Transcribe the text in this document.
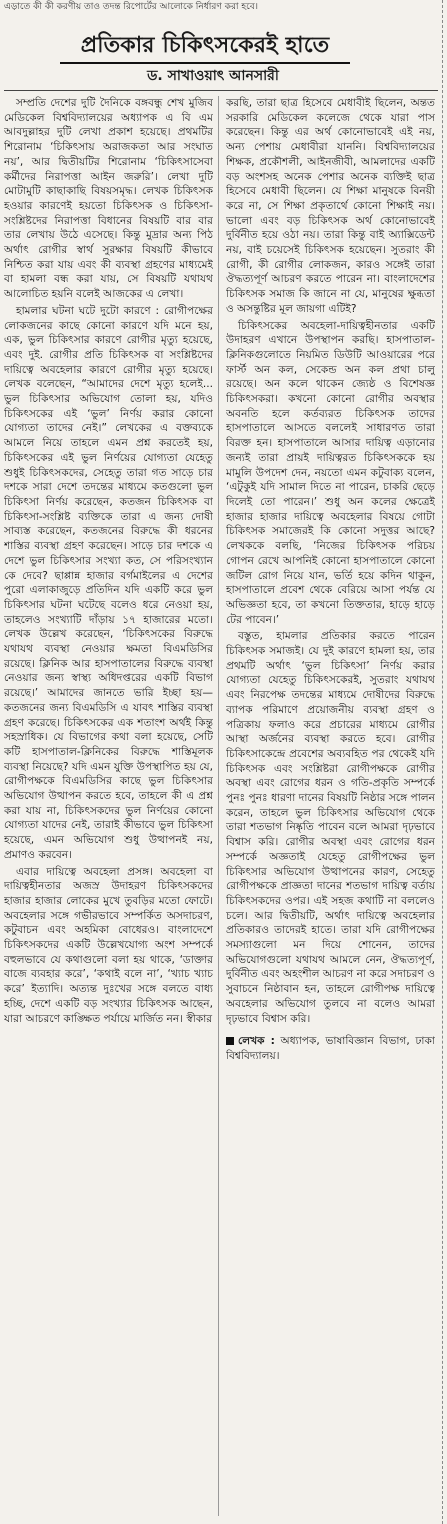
এড়াতে কী কী করণীয় তাও তদন্ত রিপোর্টের আলোকে নির্ধারণ করা হবে।
প্রতিকার চিকিৎসকেরই হাতে
ড. সাখাওয়াৎ আনসারী

সম্প্রতি দেশের দুটি দৈনিকে বঙ্গবন্ধু শেখ মুজিব মেডিকেল বিশ্ববিদ্যালয়ের অধ্যাপক এ বি এম আবদুল্লাহর দুটি লেখা প্রকাশ হয়েছে। প্রথমটির শিরোনাম ‘চিকিৎসায় অরাজকতা আর সংঘাত নয়’, আর দ্বিতীয়টির শিরোনাম ‘চিকিৎসাসেবা কর্মীদের নিরাপত্তা আইন জরুরি’। লেখা দুটি মোটামুটি কাছাকাছি বিষয়সমৃদ্ধ। লেখক চিকিৎসক হওয়ার কারণেই হয়তো চিকিৎসক ও চিকিৎসা-সংশ্লিষ্টদের নিরাপত্তা বিধানের বিষয়টি বার বার তার লেখায় উঠে এসেছে। কিন্তু মুদ্রার অন্য পিঠ অর্থাৎ রোগীর স্বার্থ সুরক্ষার বিষয়টি কীভাবে নিশ্চিত করা যায় এবং কী ব্যবস্থা গ্রহণের মাধ্যমেই বা হামলা বন্ধ করা যায়, সে বিষয়টি যথাযথ আলোচিত হয়নি বলেই আজকের এ লেখা।

হামলার ঘটনা ঘটে দুটো কারণে : রোগীপক্ষের লোকজনের কাছে কোনো কারণে যদি মনে হয়, এক, ভুল চিকিৎসার কারণে রোগীর মৃত্যু হয়েছে, এবং দুই. রোগীর প্রতি চিকিৎসক বা সংশ্লিষ্টদের দায়িত্বে অবহেলার কারণে রোগীর মৃত্যু হয়েছে। লেখক বলেছেন, “আমাদের দেশে মৃত্যু হলেই... ভুল চিকিৎসার অভিযোগ তোলা হয়, যদিও চিকিৎসকের এই ‘ভুল’ নির্ণয় করার কোনো যোগ্যতা তাদের নেই।” লেখকের এ বক্তব্যকে আমলে নিয়ে তাহলে এমন প্রশ্ন করতেই হয়, চিকিৎসকের এই ভুল নির্ণয়ের যোগ্যতা যেহেতু শুধুই চিকিৎসকদের, সেহেতু তারা গত সাড়ে চার দশকে সারা দেশে তদন্তের মাধ্যমে কতগুলো ভুল চিকিৎসা নির্ণয় করেছেন, কতজন চিকিৎসক বা চিকিৎসা-সংশ্লিষ্ট ব্যক্তিকে তারা এ জন্য দোষী সাব্যস্ত করেছেন, কতজনের বিরুদ্ধে কী ধরনের শাস্তির ব্যবস্থা গ্রহণ করেছেন। সাড়ে চার দশকে এ দেশে ভুল চিকিৎসার সংখ্যা কত, সে পরিসংখ্যান কে দেবে? ছাপ্পান্ন হাজার বর্গমাইলের এ দেশের পুরো এলাকাজুড়ে প্রতিদিন যদি একটি করে ভুল চিকিৎসার ঘটনা ঘটেছে বলেও ধরে নেওয়া হয়, তাহলেও সংখ্যাটি দাঁড়ায় ১৭ হাজারের মতো। লেখক উল্লেখ করেছেন, ‘চিকিৎসকের বিরুদ্ধে যথাযথ ব্যবস্থা নেওয়ার ক্ষমতা বিএমডিসির রয়েছে। ক্লিনিক আর হাসপাতালের বিরুদ্ধে ব্যবস্থা নেওয়ার জন্য স্বাস্থ্য অধিদপ্তরের একটি বিভাগ রয়েছে।’ আমাদের জানতে ভারি ইচ্ছা হয়—কতজনের জন্য বিএমডিসি এ যাবৎ শাস্তির ব্যবস্থা গ্রহণ করেছে। চিকিৎসকের এক শতাংশ অর্থই কিন্তু সহস্রাধিক। যে বিভাগের কথা বলা হয়েছে, সেটি কটি হাসপাতাল-ক্লিনিকের বিরুদ্ধে শাস্তিমূলক ব্যবস্থা নিয়েছে? যদি এমন যুক্তি উপস্থাপিত হয় যে, রোগীপক্ষকে বিএমডিসির কাছে ভুল চিকিৎসার অভিযোগ উত্থাপন করতে হবে, তাহলে কী এ প্রশ্ন করা যায় না, চিকিৎসকদের ভুল নির্ণয়ের কোনো যোগ্যতা যাদের নেই, তারাই কীভাবে ভুল চিকিৎসা হয়েছে, এমন অভিযোগ শুধু উত্থাপনই নয়, প্রমাণও করবেন।

এবার দায়িত্বে অবহেলা প্রসঙ্গ। অবহেলা বা দায়িত্বহীনতার অজস্র উদাহরণ চিকিৎসকদের হাজার হাজার লোকের মুখে তুবড়ির মতো ফোটে। অবহেলার সঙ্গে গভীরভাবে সম্পর্কিত অসদাচরণ, কটুবাচন এবং অহমিকা বোধেরও। বাংলাদেশে চিকিৎসকদের একটি উল্লেখযোগ্য অংশ সম্পর্কে বহুলভাবে যে কথাগুলো বলা হয় থাকে, ‘ডাক্তার বাজে ব্যবহার করে’, ‘কথাই বলে না’, ‘খ্যাচ খ্যাচ করে’ ইত্যাদি। অত্যন্ত দুঃখের সঙ্গে বলতে বাধ্য হচ্ছি, দেশে একটি বড় সংখ্যার চিকিৎসক আছেন, যারা আচরণে কাঙ্ক্ষিত পর্যায়ে মার্জিত নন। স্বীকার

করছি, তারা ছাত্র হিসেবে মেধাবীই ছিলেন, অন্তত সরকারি মেডিকেল কলেজে থেকে যারা পাস করেছেন। কিন্তু এর অর্থ কোনোভাবেই এই নয়, অন্য পেশায় মেধাবীরা যাননি। বিশ্ববিদ্যালয়ের শিক্ষক, প্রকৌশলী, আইনজীবী, আমলাদের একটি বড় অংশসহ অনেক পেশার অনেক ব্যক্তিই ছাত্র হিসেবে মেধাবী ছিলেন। যে শিক্ষা মানুষকে বিনয়ী করে না, সে শিক্ষা প্রকৃতার্থে কোনো শিক্ষাই নয়। ভালো এবং বড় চিকিৎসক অর্থ কোনোভাবেই দুর্বিনীত হয়ে ওঠা নয়। তারা কিন্তু বাই অ্যাক্সিডেন্ট নয়, বাই চয়েসেই চিকিৎসক হয়েছেন। সুতরাং কী রোগী, কী রোগীর লোকজন, কারও সঙ্গেই তারা ঔদ্ধত্যপূর্ণ আচরণ করতে পারেন না। বাংলাদেশের চিকিৎসক সমাজ কি জানে না যে, মানুষের ক্ষুব্ধতা ও অসন্তুষ্টির মূল জায়গা এটিই?

চিকিৎসকের অবহেলা-দায়িত্বহীনতার একটি উদাহরণ এখানে উপস্থাপন করছি। হাসপাতাল-ক্লিনিকগুলোতে নিয়মিত ডিউটি আওয়ারের পরে ফার্স্ট অন কল, সেকেন্ড অন কল প্রথা চালু রয়েছে। অন কলে থাকেন জ্যেষ্ঠ ও বিশেষজ্ঞ চিকিৎসকরা। কখনো কোনো রোগীর অবস্থার অবনতি হলে কর্তব্যরত চিকিৎসক তাদের হাসপাতালে আসতে বললেই সাধারণত তারা বিরক্ত হন। হাসপাতালে আসার দায়িত্ব এড়ানোর জন্যই তারা প্রায়ই দায়িত্বরত চিকিৎসককে হয় মামুলি উপদেশ দেন, নয়তো এমন কটুবাক্য বলেন, ‘এটুকুই যদি সামাল দিতে না পারেন, চাকরি ছেড়ে দিলেই তো পারেন।’ শুধু অন কলের ক্ষেত্রেই হাজার হাজার দায়িত্বে অবহেলার বিষয়ে গোটা চিকিৎসক সমাজেরই কি কোনো সদুত্তর আছে? লেখককে বলছি, ‘নিজের চিকিৎসক পরিচয় গোপন রেখে আপনিই কোনো হাসপাতালে কোনো জটিল রোগ নিয়ে যান, ভর্তি হয়ে কদিন থাকুন, হাসপাতালে প্রবেশ থেকে বেরিয়ে আসা পর্যন্ত যে অভিজ্ঞতা হবে, তা কখনো তিক্ততার, হাড়ে হাড়ে টের পাবেন।’

বস্তুত, হামলার প্রতিকার করতে পারেন চিকিৎসক সমাজই। যে দুই কারণে হামলা হয়, তার প্রথমটি অর্থাৎ ‘ভুল চিকিৎসা’ নির্ণয় করার যোগ্যতা যেহেতু চিকিৎসকেরই, সুতরাং যথাযথ এবং নিরপেক্ষ তদন্তের মাধ্যমে দোষীদের বিরুদ্ধে ব্যাপক পরিমাণে প্রয়োজনীয় ব্যবস্থা গ্রহণ ও পত্রিকায় ফলাও করে প্রচারের মাধ্যমে রোগীর আস্থা অর্জনের ব্যবস্থা করতে হবে। রোগীর চিকিৎসাকেন্দ্রে প্রবেশের অব্যবহিত পর থেকেই যদি চিকিৎসক এবং সংশ্লিষ্টরা রোগীপক্ষকে রোগীর অবস্থা এবং রোগের ধরন ও গতি-প্রকৃতি সম্পর্কে পুনঃ পুনঃ ধারণা দানের বিষয়টি নিষ্ঠার সঙ্গে পালন করেন, তাহলে ভুল চিকিৎসার অভিযোগ থেকে তারা শতভাগ নিষ্কৃতি পাবেন বলে আমরা দৃঢ়ভাবে বিশ্বাস করি। রোগীর অবস্থা এবং রোগের ধরন সম্পর্কে অজ্ঞতাই যেহেতু রোগীপক্ষের ভুল চিকিৎসার অভিযোগ উত্থাপনের কারণ, সেহেতু রোগীপক্ষকে প্রাজ্ঞতা দানের শতভাগ দায়িত্ব বর্তায় চিকিৎসকদের ওপর। এই সহজ কথাটি না বললেও চলে। আর দ্বিতীয়টি, অর্থাৎ দায়িত্বে অবহেলার প্রতিকারও তাদেরই হাতে। তারা যদি রোগীপক্ষের সমস্যাগুলো মন দিয়ে শোনেন, তাদের অভিযোগগুলো যথাযথ আমলে নেন, ঔদ্ধত্যপূর্ণ, দুর্বিনীত এবং অহংশীল আচরণ না করে সদাচরণ ও সুবাচনে নিষ্ঠাবান হন, তাহলে রোগীপক্ষ দায়িত্বে অবহেলার অভিযোগ তুলবে না বলেও আমরা দৃঢ়ভাবে বিশ্বাস করি।

লেখক : অধ্যাপক, ভাষাবিজ্ঞান বিভাগ, ঢাকা বিশ্ববিদ্যালয়।
